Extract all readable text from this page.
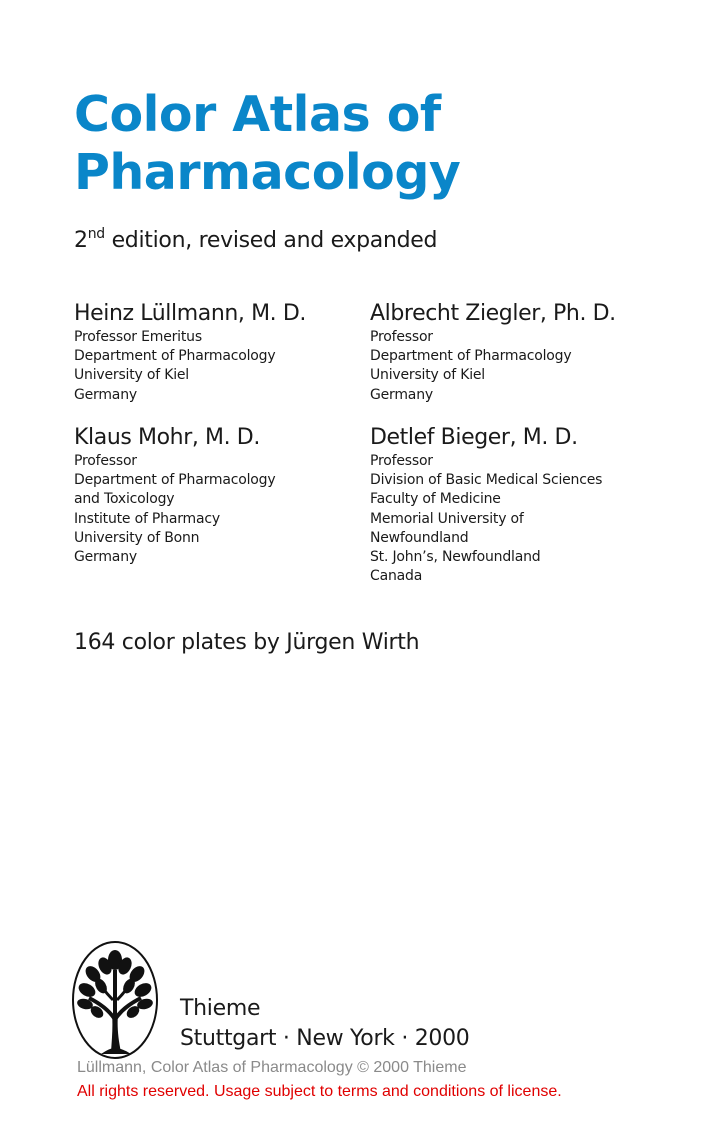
Color Atlas of
Pharmacology
2nd edition, revised and expanded
Heinz Lüllmann, M. D.
Professor Emeritus
Department of Pharmacology
University of Kiel
Germany
Albrecht Ziegler, Ph. D.
Professor
Department of Pharmacology
University of Kiel
Germany
Klaus Mohr, M. D.
Professor
Department of Pharmacology
and Toxicology
Institute of Pharmacy
University of Bonn
Germany
Detlef Bieger, M. D.
Professor
Division of Basic Medical Sciences
Faculty of Medicine
Memorial University of
Newfoundland
St. John’s, Newfoundland
Canada
164 color plates by Jürgen Wirth
Thieme
Stuttgart · New York · 2000
Lüllmann, Color Atlas of Pharmacology © 2000 Thieme
All rights reserved. Usage subject to terms and conditions of license.
